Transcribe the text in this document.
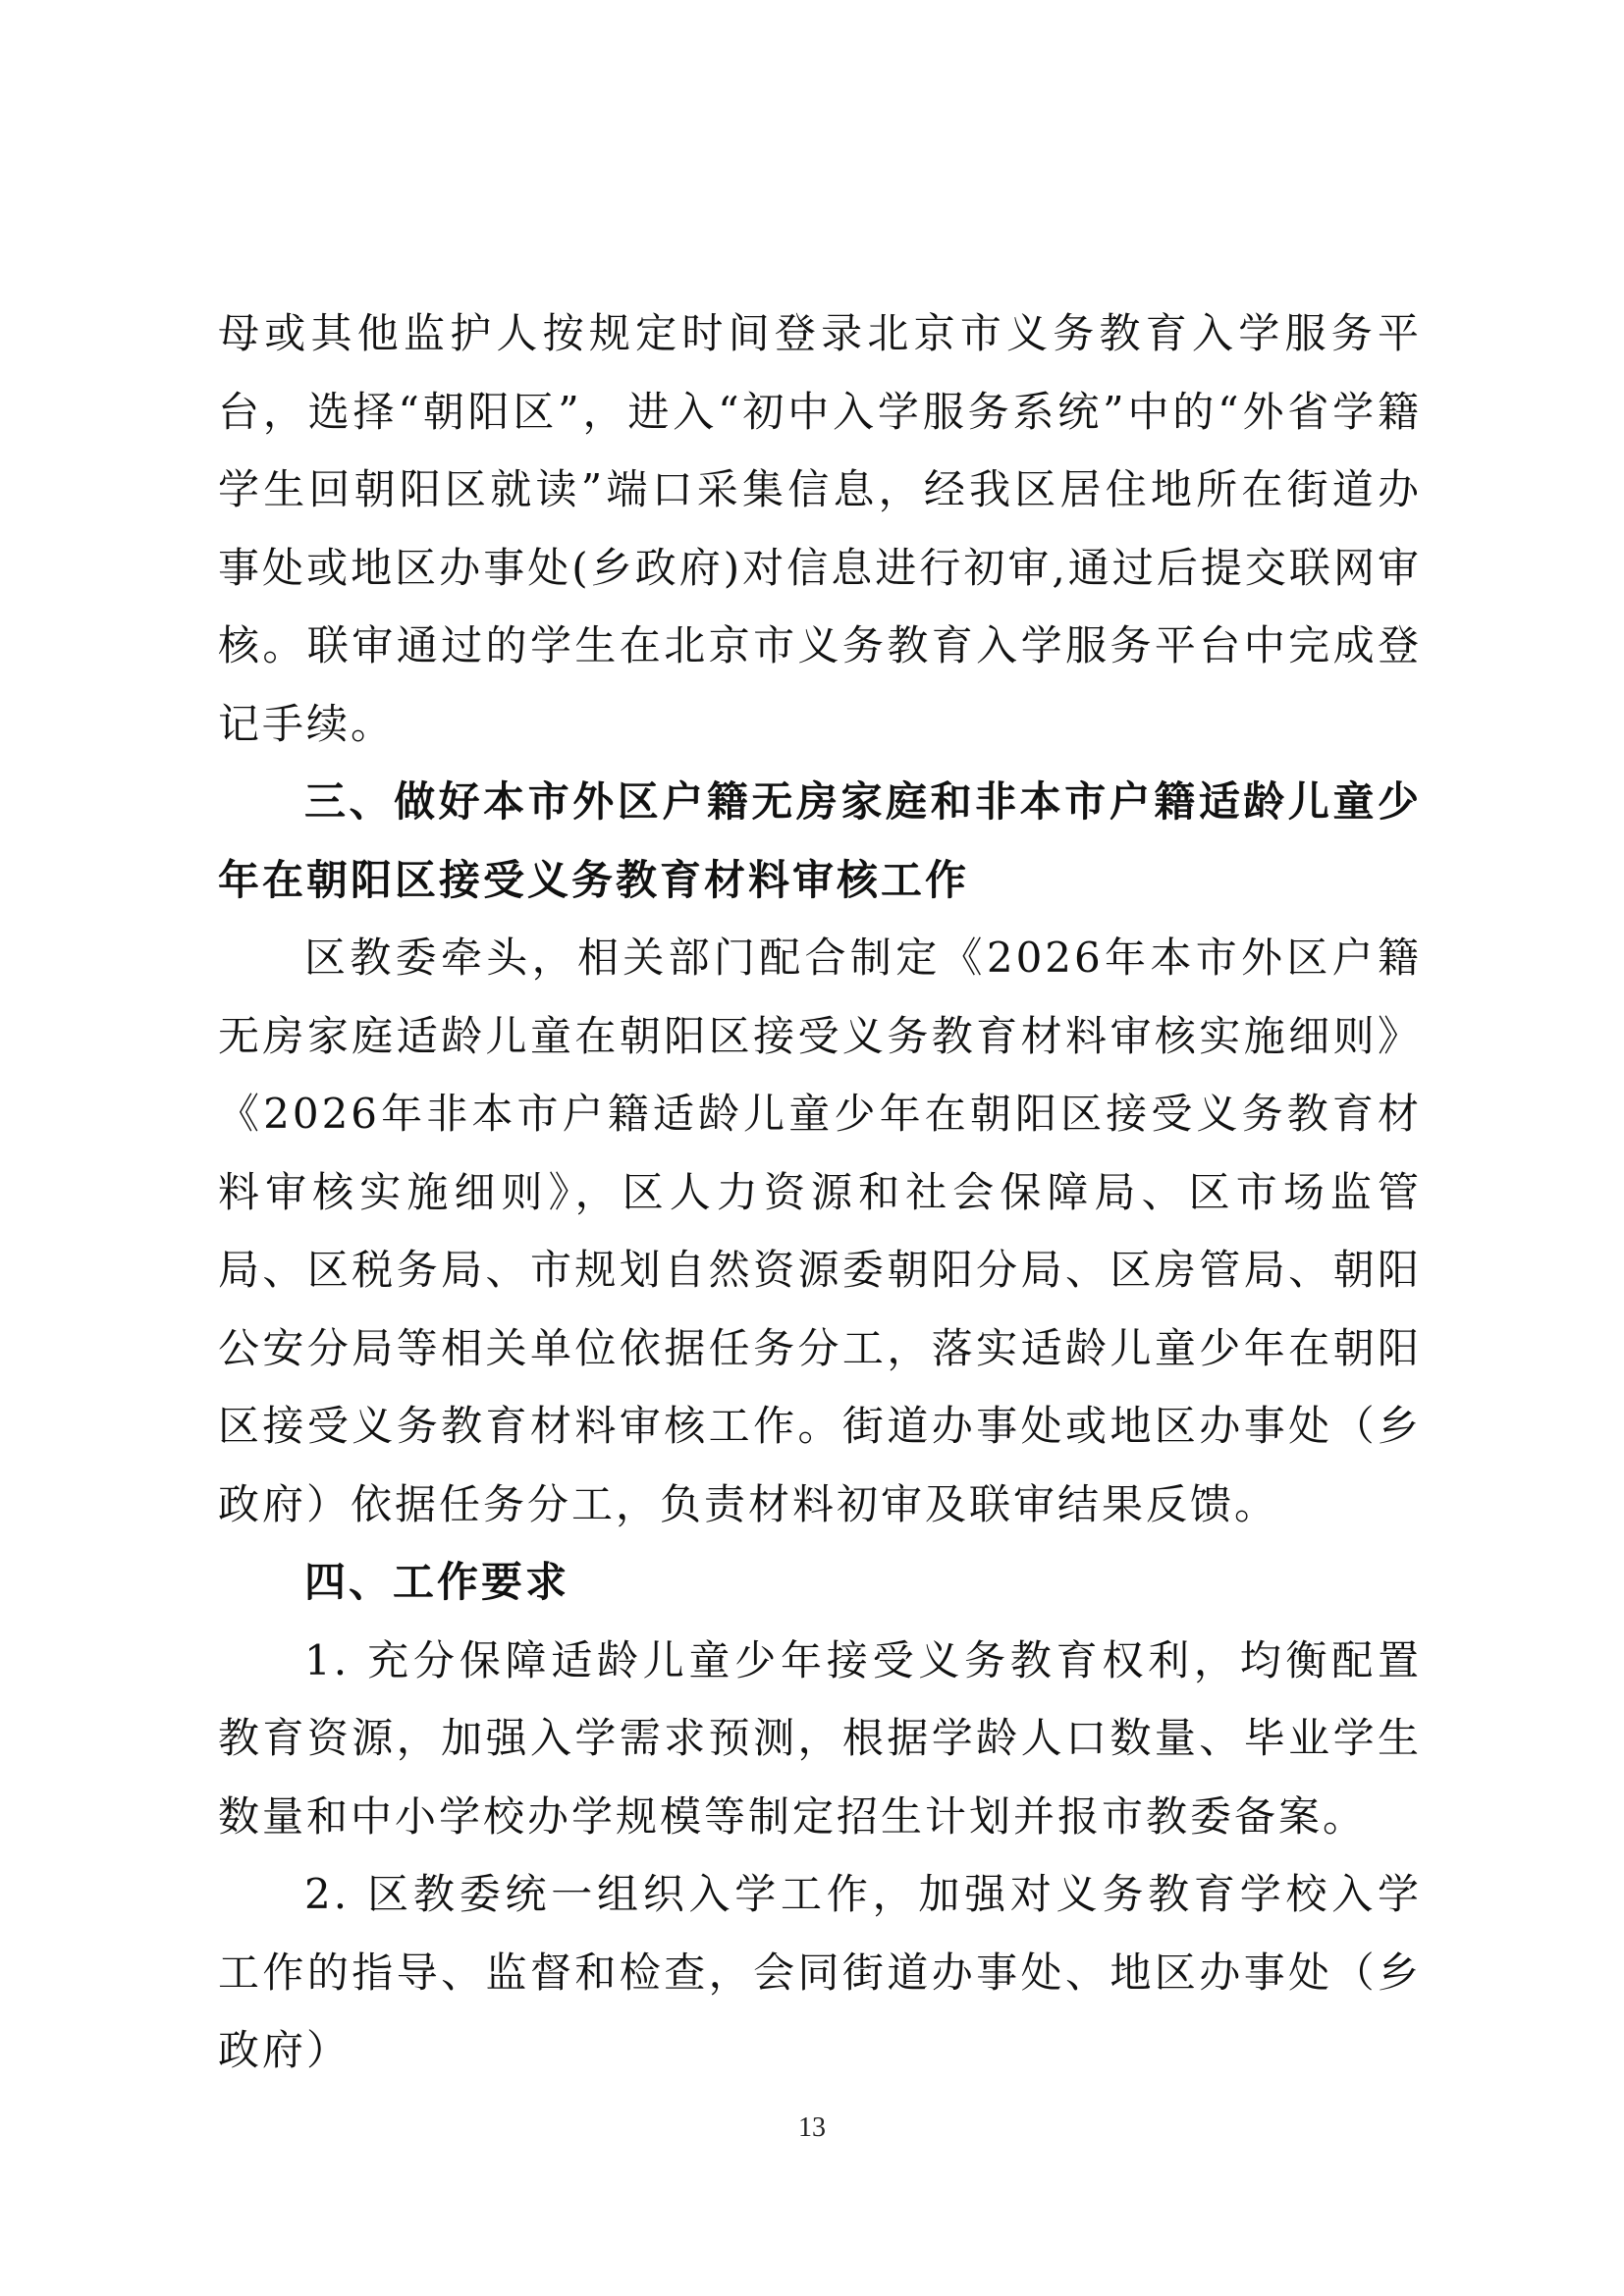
母或其他监护人按规定时间登录北京市义务教育入学服务平台，选择“朝阳区”，进入“初中入学服务系统”中的“外省学籍学生回朝阳区就读”端口采集信息，经我区居住地所在街道办事处或地区办事处(乡政府)对信息进行初审,通过后提交联网审核。联审通过的学生在北京市义务教育入学服务平台中完成登记手续。

三、做好本市外区户籍无房家庭和非本市户籍适龄儿童少年在朝阳区接受义务教育材料审核工作

区教委牵头，相关部门配合制定《2026年本市外区户籍无房家庭适龄儿童在朝阳区接受义务教育材料审核实施细则》《2026年非本市户籍适龄儿童少年在朝阳区接受义务教育材料审核实施细则》，区人力资源和社会保障局、区市场监管局、区税务局、市规划自然资源委朝阳分局、区房管局、朝阳公安分局等相关单位依据任务分工，落实适龄儿童少年在朝阳区接受义务教育材料审核工作。街道办事处或地区办事处（乡政府）依据任务分工，负责材料初审及联审结果反馈。

四、工作要求

1. 充分保障适龄儿童少年接受义务教育权利，均衡配置教育资源，加强入学需求预测，根据学龄人口数量、毕业学生数量和中小学校办学规模等制定招生计划并报市教委备案。

2. 区教委统一组织入学工作，加强对义务教育学校入学工作的指导、监督和检查，会同街道办事处、地区办事处（乡政府）

13
